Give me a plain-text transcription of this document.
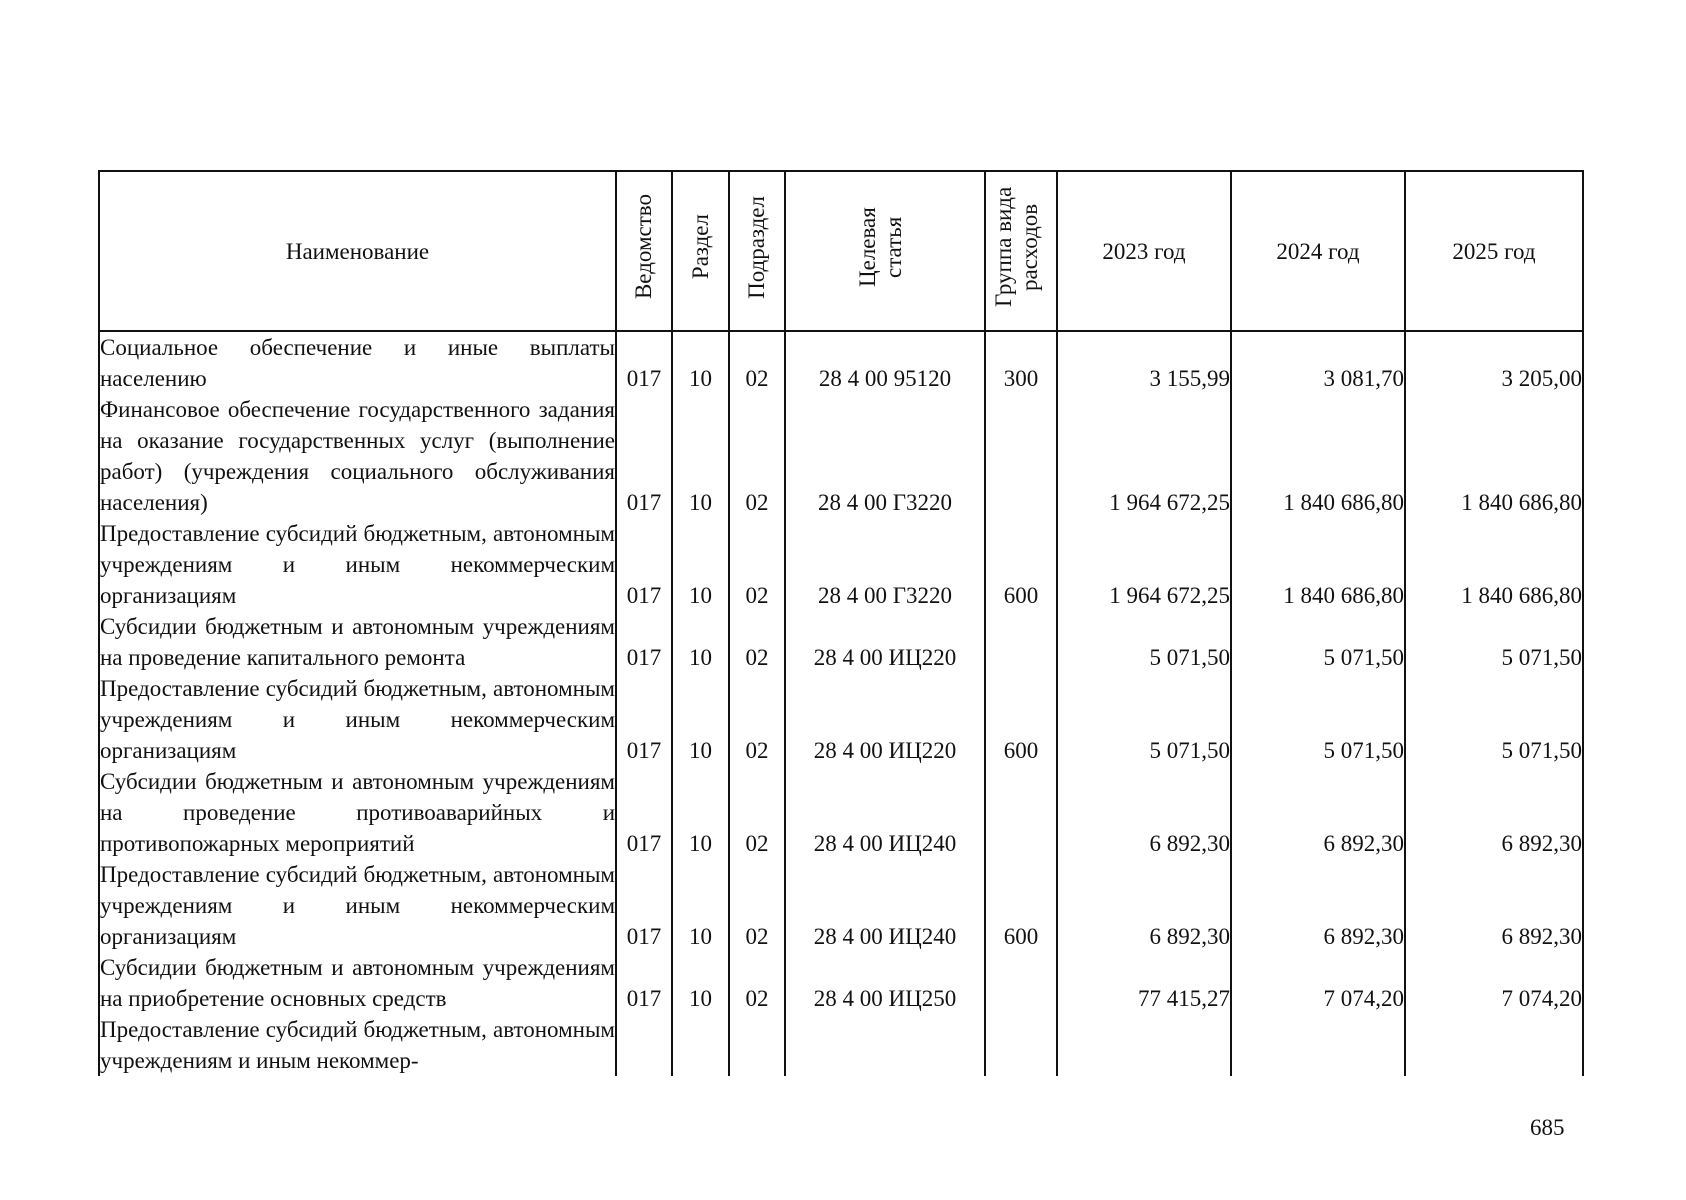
Наименование	Ведомство	Раздел	Подраздел	Целевая статья	Группа вида расходов	2023 год	2024 год	2025 год
Социальное обеспечение и иные выплаты населению	017	10	02	28 4 00 95120	300	3 155,99	3 081,70	3 205,00
Финансовое обеспечение государственного задания на оказание государственных услуг (выполнение работ) (учреждения социального обслуживания населения)	017	10	02	28 4 00 Г3220		1 964 672,25	1 840 686,80	1 840 686,80
Предоставление субсидий бюджетным, автономным учреждениям и иным некоммерческим организациям	017	10	02	28 4 00 Г3220	600	1 964 672,25	1 840 686,80	1 840 686,80
Субсидии бюджетным и автономным учреждениям на проведение капитального ремонта	017	10	02	28 4 00 ИЦ220		5 071,50	5 071,50	5 071,50
Предоставление субсидий бюджетным, автономным учреждениям и иным некоммерческим организациям	017	10	02	28 4 00 ИЦ220	600	5 071,50	5 071,50	5 071,50
Субсидии бюджетным и автономным учреждениям на проведение противоаварийных и противопожарных мероприятий	017	10	02	28 4 00 ИЦ240		6 892,30	6 892,30	6 892,30
Предоставление субсидий бюджетным, автономным учреждениям и иным некоммерческим организациям	017	10	02	28 4 00 ИЦ240	600	6 892,30	6 892,30	6 892,30
Субсидии бюджетным и автономным учреждениям на приобретение основных средств	017	10	02	28 4 00 ИЦ250		77 415,27	7 074,20	7 074,20
Предоставление субсидий бюджетным, автономным учреждениям и иным некоммер-								
685
